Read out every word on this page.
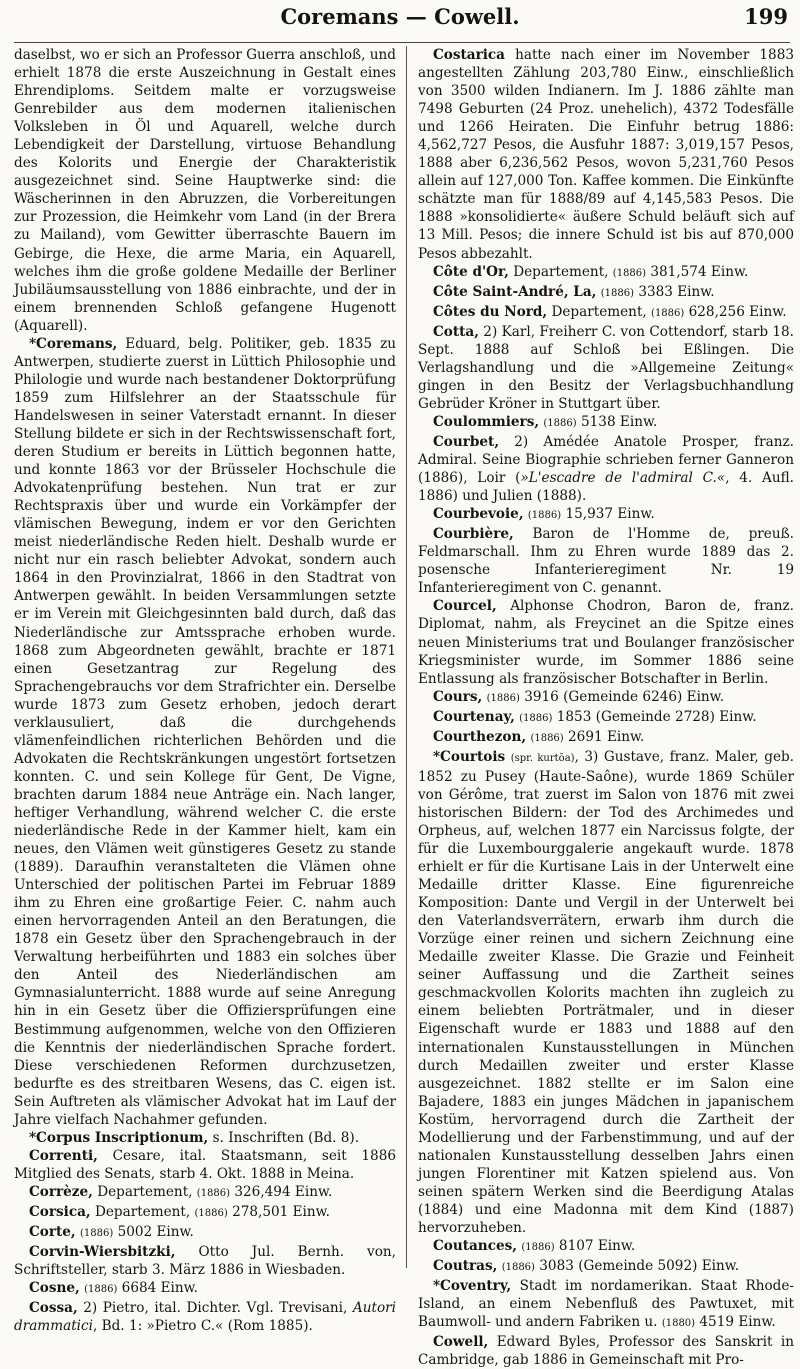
Coremans — Cowell.	199

daselbst, wo er sich an Professor Guerra anschloß, und erhielt 1878 die erste Auszeichnung in Gestalt eines Ehrendiploms. Seitdem malte er vorzugsweise Genrebilder aus dem modernen italienischen Volksleben in Öl und Aquarell, welche durch Lebendigkeit der Darstellung, virtuose Behandlung des Kolorits und Energie der Charakteristik ausgezeichnet sind. Seine Hauptwerke sind: die Wäscherinnen in den Abruzzen, die Vorbereitungen zur Prozession, die Heimkehr vom Land (in der Brera zu Mailand), vom Gewitter überraschte Bauern im Gebirge, die Hexe, die arme Maria, ein Aquarell, welches ihm die große goldene Medaille der Berliner Jubiläumsausstellung von 1886 einbrachte, und der in einem brennenden Schloß gefangene Hugenott (Aquarell).

*Coremans, Eduard, belg. Politiker, geb. 1835 zu Antwerpen, studierte zuerst in Lüttich Philosophie und Philologie und wurde nach bestandener Doktorprüfung 1859 zum Hilfslehrer an der Staatsschule für Handelswesen in seiner Vaterstadt ernannt. In dieser Stellung bildete er sich in der Rechtswissenschaft fort, deren Studium er bereits in Lüttich begonnen hatte, und konnte 1863 vor der Brüsseler Hochschule die Advokatenprüfung bestehen. Nun trat er zur Rechtspraxis über und wurde ein Vorkämpfer der vlämischen Bewegung, indem er vor den Gerichten meist niederländische Reden hielt. Deshalb wurde er nicht nur ein rasch beliebter Advokat, sondern auch 1864 in den Provinzialrat, 1866 in den Stadtrat von Antwerpen gewählt. In beiden Versammlungen setzte er im Verein mit Gleichgesinnten bald durch, daß das Niederländische zur Amtssprache erhoben wurde. 1868 zum Abgeordneten gewählt, brachte er 1871 einen Gesetzantrag zur Regelung des Sprachengebrauchs vor dem Strafrichter ein. Derselbe wurde 1873 zum Gesetz erhoben, jedoch derart verklausuliert, daß die durchgehends vlämenfeindlichen richterlichen Behörden und die Advokaten die Rechtskränkungen ungestört fortsetzen konnten. C. und sein Kollege für Gent, De Vigne, brachten darum 1884 neue Anträge ein. Nach langer, heftiger Verhandlung, während welcher C. die erste niederländische Rede in der Kammer hielt, kam ein neues, den Vlämen weit günstigeres Gesetz zu stande (1889). Daraufhin veranstalteten die Vlämen ohne Unterschied der politischen Partei im Februar 1889 ihm zu Ehren eine großartige Feier. C. nahm auch einen hervorragenden Anteil an den Beratungen, die 1878 ein Gesetz über den Sprachengebrauch in der Verwaltung herbeiführten und 1883 ein solches über den Anteil des Niederländischen am Gymnasialunterricht. 1888 wurde auf seine Anregung hin in ein Gesetz über die Offiziersprüfungen eine Bestimmung aufgenommen, welche von den Offizieren die Kenntnis der niederländischen Sprache fordert. Diese verschiedenen Reformen durchzusetzen, bedurfte es des streitbaren Wesens, das C. eigen ist. Sein Auftreten als vlämischer Advokat hat im Lauf der Jahre vielfach Nachahmer gefunden.

*Corpus Inscriptionum, s. Inschriften (Bd. 8).

Correnti, Cesare, ital. Staatsmann, seit 1886 Mitglied des Senats, starb 4. Okt. 1888 in Meina.

Corrèze, Departement, (1886) 326,494 Einw.

Corsica, Departement, (1886) 278,501 Einw.

Corte, (1886) 5002 Einw.

Corvin-Wiersbitzki, Otto Jul. Bernh. von, Schriftsteller, starb 3. März 1886 in Wiesbaden.

Cosne, (1886) 6684 Einw.

Cossa, 2) Pietro, ital. Dichter. Vgl. Trevisani, Autori drammatici, Bd. 1: »Pietro C.« (Rom 1885).

Costarica hatte nach einer im November 1883 angestellten Zählung 203,780 Einw., einschließlich von 3500 wilden Indianern. Im J. 1886 zählte man 7498 Geburten (24 Proz. unehelich), 4372 Todesfälle und 1266 Heiraten. Die Einfuhr betrug 1886: 4,562,727 Pesos, die Ausfuhr 1887: 3,019,157 Pesos, 1888 aber 6,236,562 Pesos, wovon 5,231,760 Pesos allein auf 127,000 Ton. Kaffee kommen. Die Einkünfte schätzte man für 1888/89 auf 4,145,583 Pesos. Die 1888 »konsolidierte« äußere Schuld beläuft sich auf 13 Mill. Pesos; die innere Schuld ist bis auf 870,000 Pesos abbezahlt.

Côte d'Or, Departement, (1886) 381,574 Einw.

Côte Saint-André, La, (1886) 3383 Einw.

Côtes du Nord, Departement, (1886) 628,256 Einw.

Cotta, 2) Karl, Freiherr C. von Cottendorf, starb 18. Sept. 1888 auf Schloß bei Eßlingen. Die Verlagshandlung und die »Allgemeine Zeitung« gingen in den Besitz der Verlagsbuchhandlung Gebrüder Kröner in Stuttgart über.

Coulommiers, (1886) 5138 Einw.

Courbet, 2) Amédée Anatole Prosper, franz. Admiral. Seine Biographie schrieben ferner Ganneron (1886), Loir (»L'escadre de l'admiral C.«, 4. Aufl. 1886) und Julien (1888).

Courbevoie, (1886) 15,937 Einw.

Courbière, Baron de l'Homme de, preuß. Feldmarschall. Ihm zu Ehren wurde 1889 das 2. posensche Infanterieregiment Nr. 19 Infanterieregiment von C. genannt.

Courcel, Alphonse Chodron, Baron de, franz. Diplomat, nahm, als Freycinet an die Spitze eines neuen Ministeriums trat und Boulanger französischer Kriegsminister wurde, im Sommer 1886 seine Entlassung als französischer Botschafter in Berlin.

Cours, (1886) 3916 (Gemeinde 6246) Einw.

Courtenay, (1886) 1853 (Gemeinde 2728) Einw.

Courthezon, (1886) 2691 Einw.

*Courtois (spr. kurtŏa), 3) Gustave, franz. Maler, geb. 1852 zu Pusey (Haute-Saône), wurde 1869 Schüler von Gérôme, trat zuerst im Salon von 1876 mit zwei historischen Bildern: der Tod des Archimedes und Orpheus, auf, welchen 1877 ein Narcissus folgte, der für die Luxembourggalerie angekauft wurde. 1878 erhielt er für die Kurtisane Lais in der Unterwelt eine Medaille dritter Klasse. Eine figurenreiche Komposition: Dante und Vergil in der Unterwelt bei den Vaterlandsverrätern, erwarb ihm durch die Vorzüge einer reinen und sichern Zeichnung eine Medaille zweiter Klasse. Die Grazie und Feinheit seiner Auffassung und die Zartheit seines geschmackvollen Kolorits machten ihn zugleich zu einem beliebten Porträtmaler, und in dieser Eigenschaft wurde er 1883 und 1888 auf den internationalen Kunstausstellungen in München durch Medaillen zweiter und erster Klasse ausgezeichnet. 1882 stellte er im Salon eine Bajadere, 1883 ein junges Mädchen in japanischem Kostüm, hervorragend durch die Zartheit der Modellierung und der Farbenstimmung, und auf der nationalen Kunstausstellung desselben Jahrs einen jungen Florentiner mit Katzen spielend aus. Von seinen spätern Werken sind die Beerdigung Atalas (1884) und eine Madonna mit dem Kind (1887) hervorzuheben.

Coutances, (1886) 8107 Einw.

Coutras, (1886) 3083 (Gemeinde 5092) Einw.

*Coventry, Stadt im nordamerikan. Staat Rhode-Island, an einem Nebenfluß des Pawtuxet, mit Baumwoll- und andern Fabriken u. (1880) 4519 Einw.

Cowell, Edward Byles, Professor des Sanskrit in Cambridge, gab 1886 in Gemeinschaft mit Pro-
